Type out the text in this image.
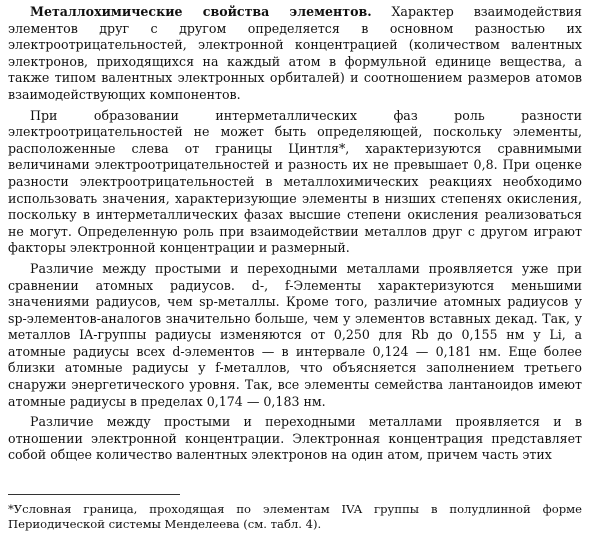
Металлохимические свойства элементов. Характер взаимодействия элементов друг с другом определяется в основном разностью их электроотрицательностей, электронной концентрацией (количеством валентных электронов, приходящихся на каждый атом в формульной единице вещества, а также типом валентных электронных орбиталей) и соотношением размеров атомов взаимодействующих компонентов.

При образовании интерметаллических фаз роль разности электроотрицательностей не может быть определяющей, поскольку элементы, расположенные слева от границы Цинтля*, характеризуются сравнимыми величинами электроотрицательностей и разность их не превышает 0,8. При оценке разности электроотрицательностей в металлохимических реакциях необходимо использовать значения, характеризующие элементы в низших степенях окисления, поскольку в интерметаллических фазах высшие степени окисления реализоваться не могут. Определенную роль при взаимодействии металлов друг с другом играют факторы электронной концентрации и размерный.

Различие между простыми и переходными металлами проявляется уже при сравнении атомных радиусов. d-, f-Элементы характеризуются меньшими значениями радиусов, чем sp-металлы. Кроме того, различие атомных радиусов у sp-элементов-аналогов значительно больше, чем у элементов вставных декад. Так, у металлов IA-группы радиусы изменяются от 0,250 для Rb до 0,155 нм у Li, а атомные радиусы всех d-элементов — в интервале 0,124 — 0,181 нм. Еще более близки атомные радиусы у f-металлов, что объясняется заполнением третьего снаружи энергетического уровня. Так, все элементы семейства лантаноидов имеют атомные радиусы в пределах 0,174 — 0,183 нм.

Различие между простыми и переходными металлами проявляется и в отношении электронной концентрации. Электронная концентрация представляет собой общее количество валентных электронов на один атом, причем часть этих

*Условная граница, проходящая по элементам IVA группы в полудлинной форме Периодической системы Менделеева (см. табл. 4).
